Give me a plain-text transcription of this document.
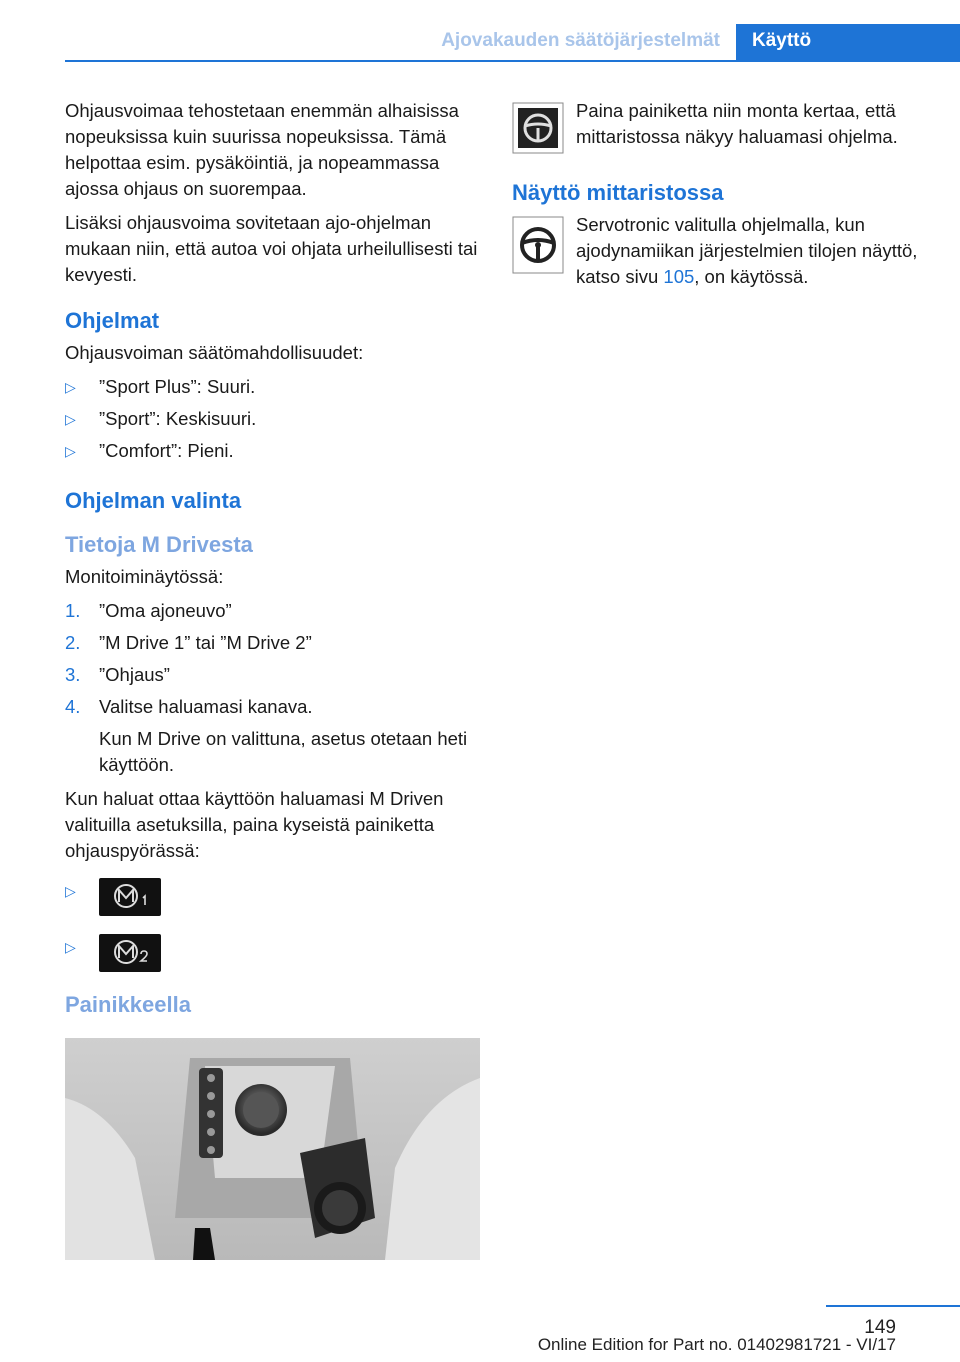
Ajovakauden säätöjärjestelmät	Käyttö

Ohjausvoimaa tehostetaan enemmän alhaisissa nopeuksissa kuin suurissa nopeuksissa. Tämä helpottaa esim. pysäköintiä, ja nopeammassa ajossa ohjaus on suorempaa.

Lisäksi ohjausvoima sovitetaan ajo-ohjelman mukaan niin, että autoa voi ohjata urheilullisesti tai kevyesti.

Ohjelmat

Ohjausvoiman säätömahdollisuudet:

▷ ”Sport Plus”: Suuri.
▷ ”Sport”: Keskisuuri.
▷ ”Comfort”: Pieni.
Ohjelman valinta
Tietoja M Drivesta

Monitoiminäytössä:

1. ”Oma ajoneuvo”
2. ”M Drive 1” tai ”M Drive 2”
3. ”Ohjaus”
4. Valitse haluamasi kanava.

Kun M Drive on valittuna, asetus otetaan heti käyttöön.

Kun haluat ottaa käyttöön haluamasi M Driven valituilla asetuksilla, paina kyseistä painiketta ohjauspyörässä:

▷
▷
Painikkeella

Paina painiketta niin monta kertaa, että mittaristossa näkyy haluamasi ohjelma.

Näyttö mittaristossa

Servotronic valitulla ohjelmalla, kun ajodynamiikan järjestelmien tilojen näyttö, katso sivu 105, on käytössä.

149
Online Edition for Part no. 01402981721 - VI/17
